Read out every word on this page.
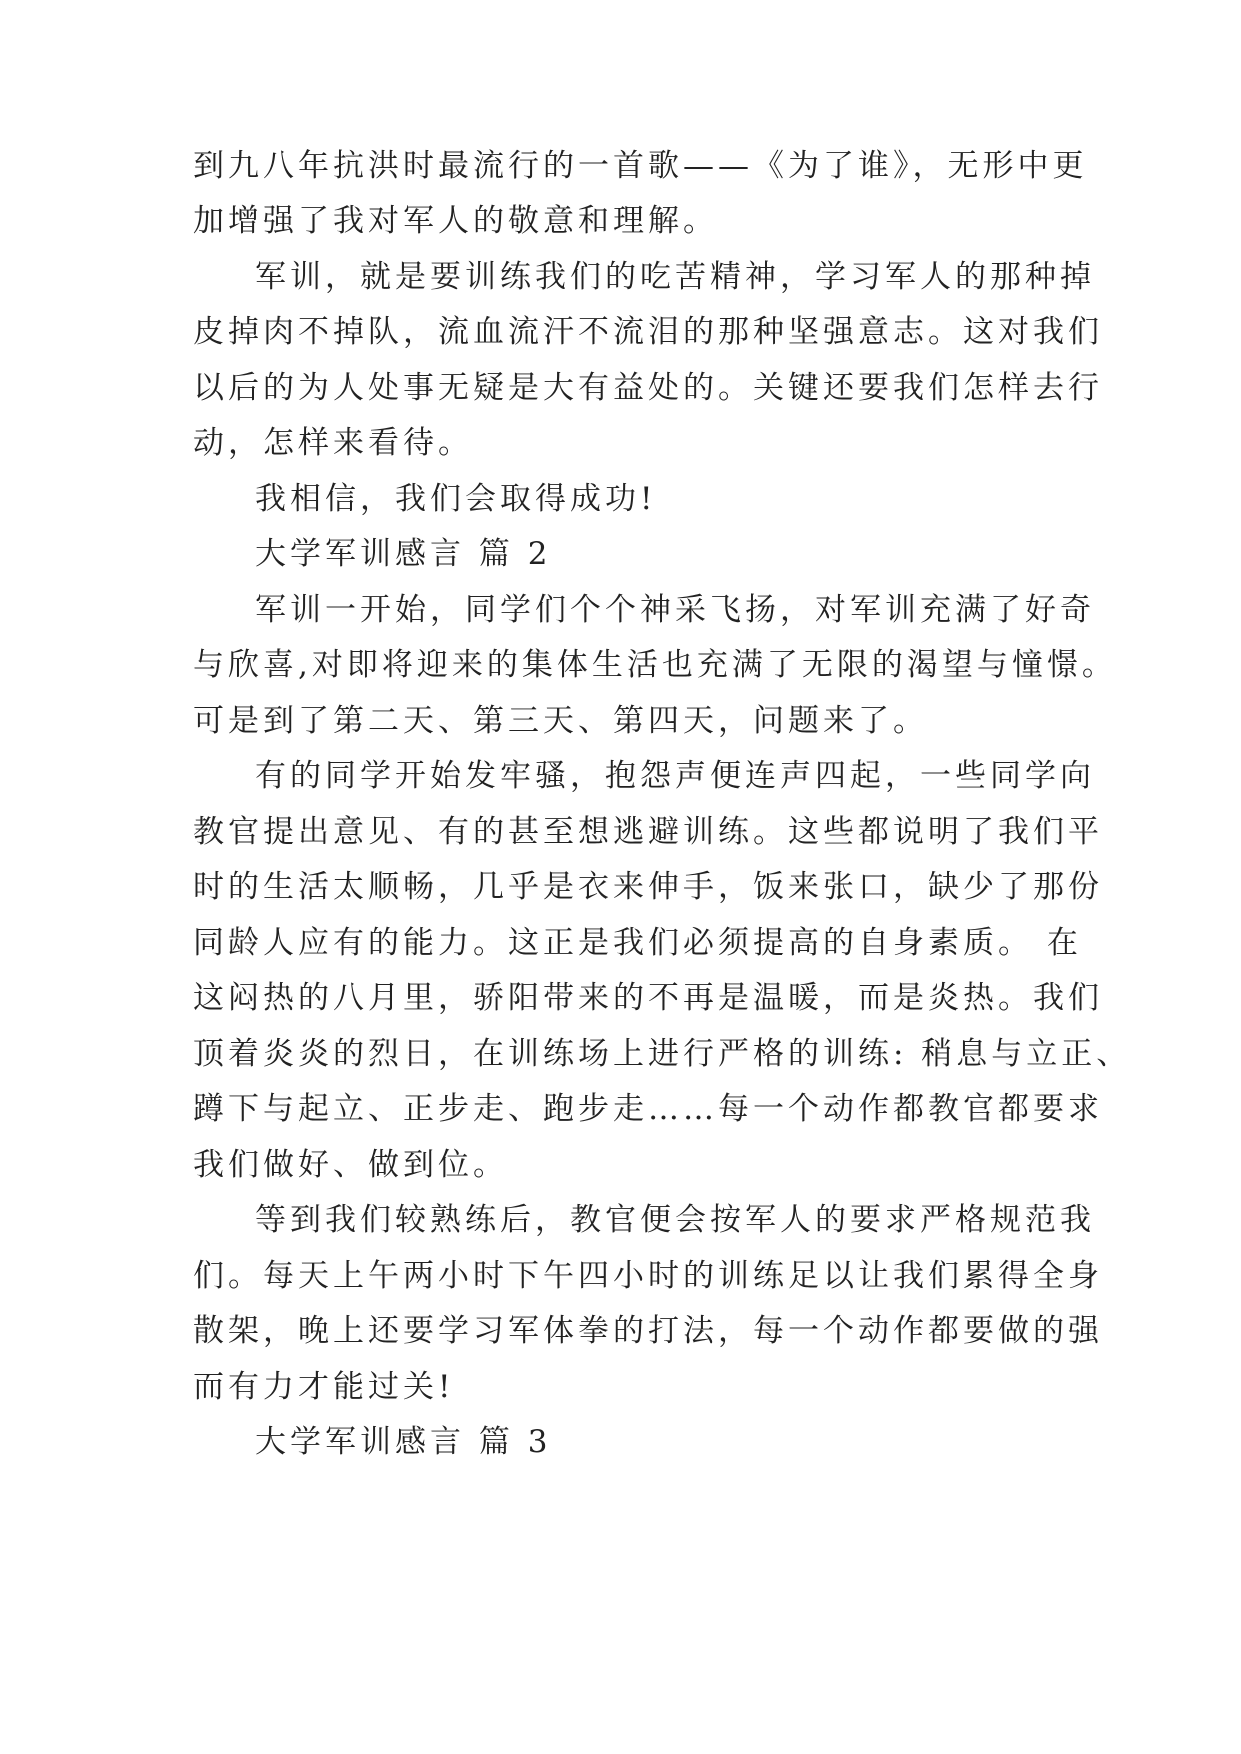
到九八年抗洪时最流行的一首歌——《为了谁》，无形中更
加增强了我对军人的敬意和理解。
军训，就是要训练我们的吃苦精神，学习军人的那种掉
皮掉肉不掉队，流血流汗不流泪的那种坚强意志。这对我们
以后的为人处事无疑是大有益处的。关键还要我们怎样去行
动，怎样来看待。
我相信，我们会取得成功!
大学军训感言 篇 2
军训一开始，同学们个个神采飞扬，对军训充满了好奇
与欣喜,对即将迎来的集体生活也充满了无限的渴望与憧憬。
可是到了第二天、第三天、第四天，问题来了。
有的同学开始发牢骚，抱怨声便连声四起，一些同学向
教官提出意见、有的甚至想逃避训练。这些都说明了我们平
时的生活太顺畅，几乎是衣来伸手，饭来张口，缺少了那份
同龄人应有的能力。这正是我们必须提高的自身素质。 在
这闷热的八月里，骄阳带来的不再是温暖，而是炎热。我们
顶着炎炎的烈日，在训练场上进行严格的训练: 稍息与立正、
蹲下与起立、正步走、跑步走……每一个动作都教官都要求
我们做好、做到位。
等到我们较熟练后，教官便会按军人的要求严格规范我
们。每天上午两小时下午四小时的训练足以让我们累得全身
散架，晚上还要学习军体拳的打法，每一个动作都要做的强
而有力才能过关!
大学军训感言 篇 3
